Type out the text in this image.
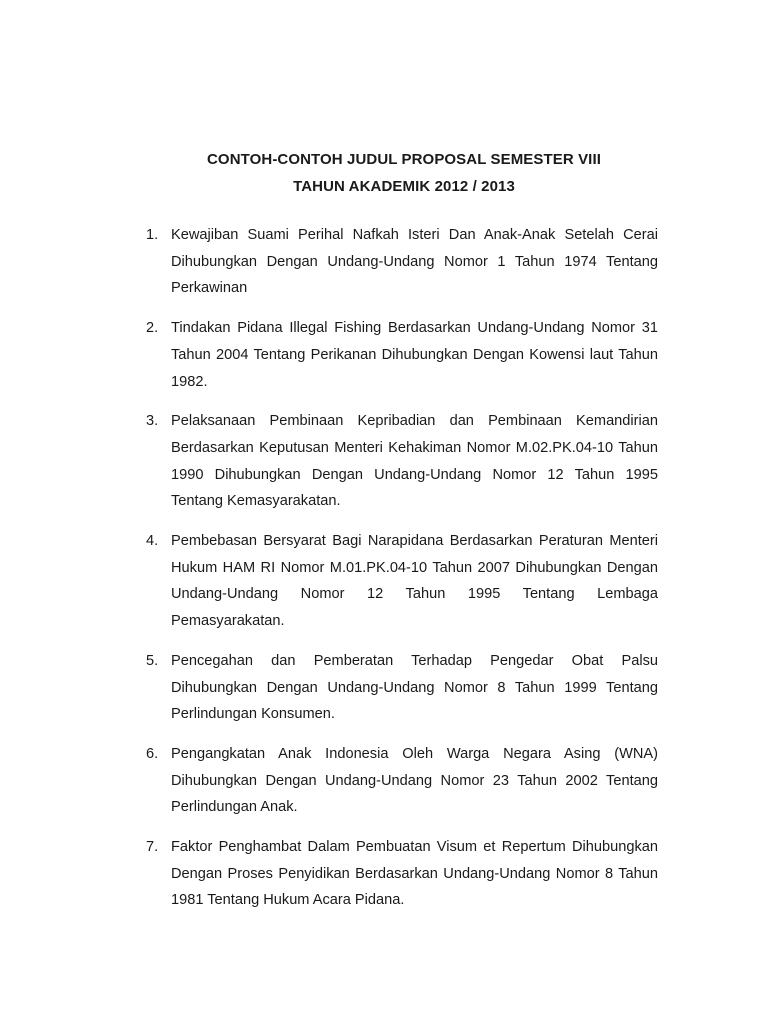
CONTOH-CONTOH JUDUL PROPOSAL SEMESTER VIII
TAHUN AKADEMIK 2012 / 2013
1. Kewajiban Suami Perihal Nafkah Isteri Dan Anak-Anak Setelah Cerai Dihubungkan Dengan Undang-Undang Nomor 1 Tahun 1974 Tentang Perkawinan
2. Tindakan Pidana Illegal Fishing Berdasarkan Undang-Undang Nomor 31 Tahun 2004 Tentang Perikanan Dihubungkan Dengan Kowensi laut Tahun 1982.
3. Pelaksanaan Pembinaan Kepribadian dan Pembinaan Kemandirian Berdasarkan Keputusan Menteri Kehakiman Nomor M.02.PK.04-10 Tahun 1990 Dihubungkan Dengan Undang-Undang Nomor 12 Tahun 1995 Tentang Kemasyarakatan.
4. Pembebasan Bersyarat Bagi Narapidana Berdasarkan Peraturan Menteri Hukum HAM RI Nomor M.01.PK.04-10 Tahun 2007 Dihubungkan Dengan Undang-Undang Nomor 12 Tahun 1995 Tentang Lembaga Pemasyarakatan.
5. Pencegahan dan Pemberatan Terhadap Pengedar Obat Palsu Dihubungkan Dengan Undang-Undang Nomor 8 Tahun 1999 Tentang Perlindungan Konsumen.
6. Pengangkatan Anak Indonesia Oleh Warga Negara Asing (WNA) Dihubungkan Dengan Undang-Undang Nomor 23 Tahun 2002 Tentang Perlindungan Anak.
7. Faktor Penghambat Dalam Pembuatan Visum et Repertum Dihubungkan Dengan Proses Penyidikan Berdasarkan Undang-Undang Nomor 8 Tahun 1981 Tentang Hukum Acara Pidana.
